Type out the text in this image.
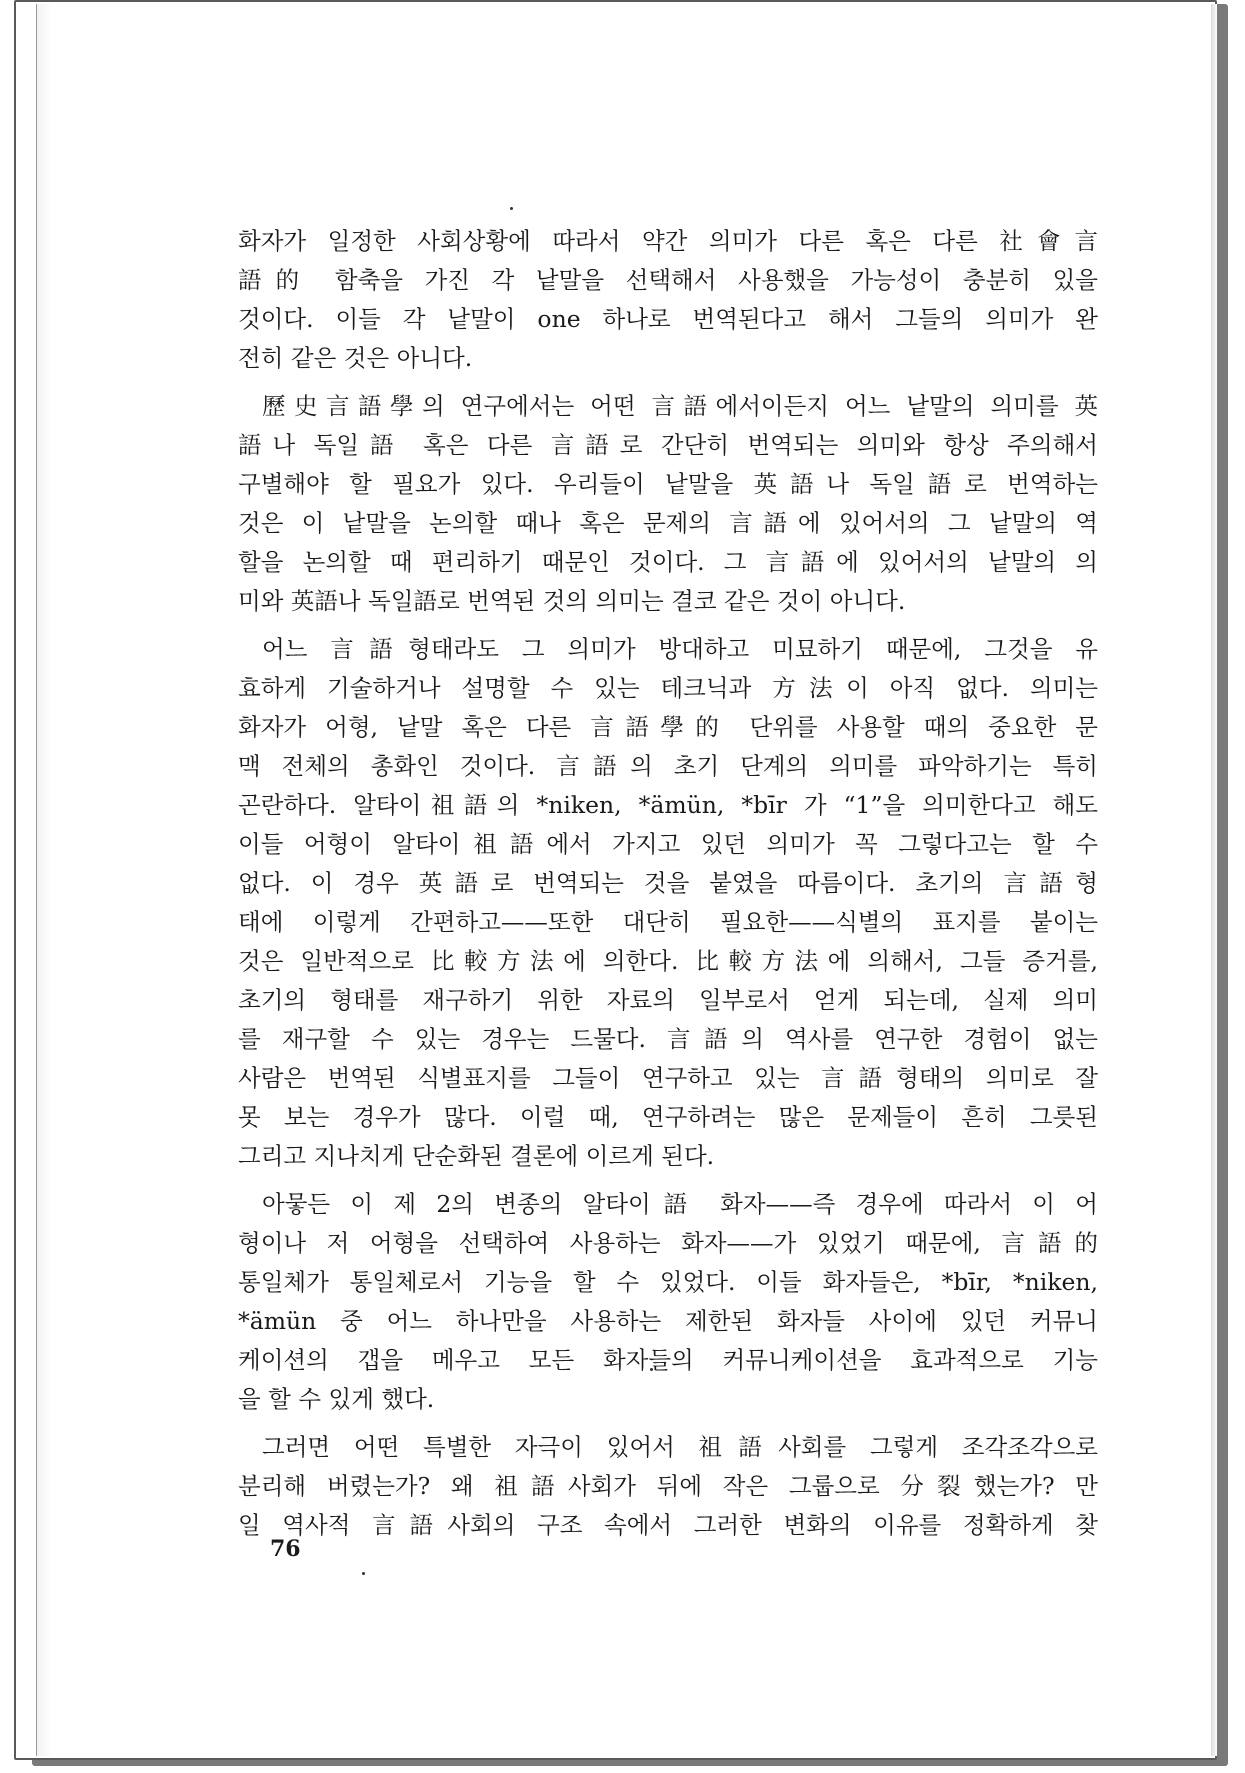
화자가 일정한 사회상황에 따라서 약간 의미가 다른 혹은 다른 社會言
語的 함축을 가진 각 낱말을 선택해서 사용했을 가능성이 충분히 있을
것이다. 이들 각 낱말이 one 하나로 번역된다고 해서 그들의 의미가 완
전히 같은 것은 아니다.
歷史言語學의 연구에서는 어떤 言語에서이든지 어느 낱말의 의미를 英
語나 독일語 혹은 다른 言語로 간단히 번역되는 의미와 항상 주의해서
구별해야 할 필요가 있다. 우리들이 낱말을 英語나 독일語로 번역하는
것은 이 낱말을 논의할 때나 혹은 문제의 言語에 있어서의 그 낱말의 역
할을 논의할 때 편리하기 때문인 것이다. 그 言語에 있어서의 낱말의 의
미와 英語나 독일語로 번역된 것의 의미는 결코 같은 것이 아니다.
어느 言語형태라도 그 의미가 방대하고 미묘하기 때문에, 그것을 유
효하게 기술하거나 설명할 수 있는 테크닉과 方法이 아직 없다. 의미는
화자가 어형, 낱말 혹은 다른 言語學的 단위를 사용할 때의 중요한 문
맥 전체의 총화인 것이다. 言語의 초기 단계의 의미를 파악하기는 특히
곤란하다. 알타이祖語의 *niken, *ämün, *bīr 가 “1”을 의미한다고 해도
이들 어형이 알타이祖語에서 가지고 있던 의미가 꼭 그렇다고는 할 수
없다. 이 경우 英語로 번역되는 것을 붙였을 따름이다. 초기의 言語형
태에 이렇게 간편하고——또한 대단히 필요한——식별의 표지를 붙이는
것은 일반적으로 比較方法에 의한다. 比較方法에 의해서, 그들 증거를,
초기의 형태를 재구하기 위한 자료의 일부로서 얻게 되는데, 실제 의미
를 재구할 수 있는 경우는 드물다. 言語의 역사를 연구한 경험이 없는
사람은 번역된 식별표지를 그들이 연구하고 있는 言語형태의 의미로 잘
못 보는 경우가 많다. 이럴 때, 연구하려는 많은 문제들이 흔히 그릇된
그리고 지나치게 단순화된 결론에 이르게 된다.
아뭏든 이 제 2의 변종의 알타이語 화자——즉 경우에 따라서 이 어
형이나 저 어형을 선택하여 사용하는 화자——가 있었기 때문에, 言語的
통일체가 통일체로서 기능을 할 수 있었다. 이들 화자들은, *bīr, *niken,
*ämün 중 어느 하나만을 사용하는 제한된 화자들 사이에 있던 커뮤니
케이션의 갭을 메우고 모든 화자들의 커뮤니케이션을 효과적으로 기능
을 할 수 있게 했다.
그러면 어떤 특별한 자극이 있어서 祖語사회를 그렇게 조각조각으로
분리해 버렸는가? 왜 祖語사회가 뒤에 작은 그룹으로 分裂했는가? 만
일 역사적 言語사회의 구조 속에서 그러한 변화의 이유를 정확하게 찾
76
